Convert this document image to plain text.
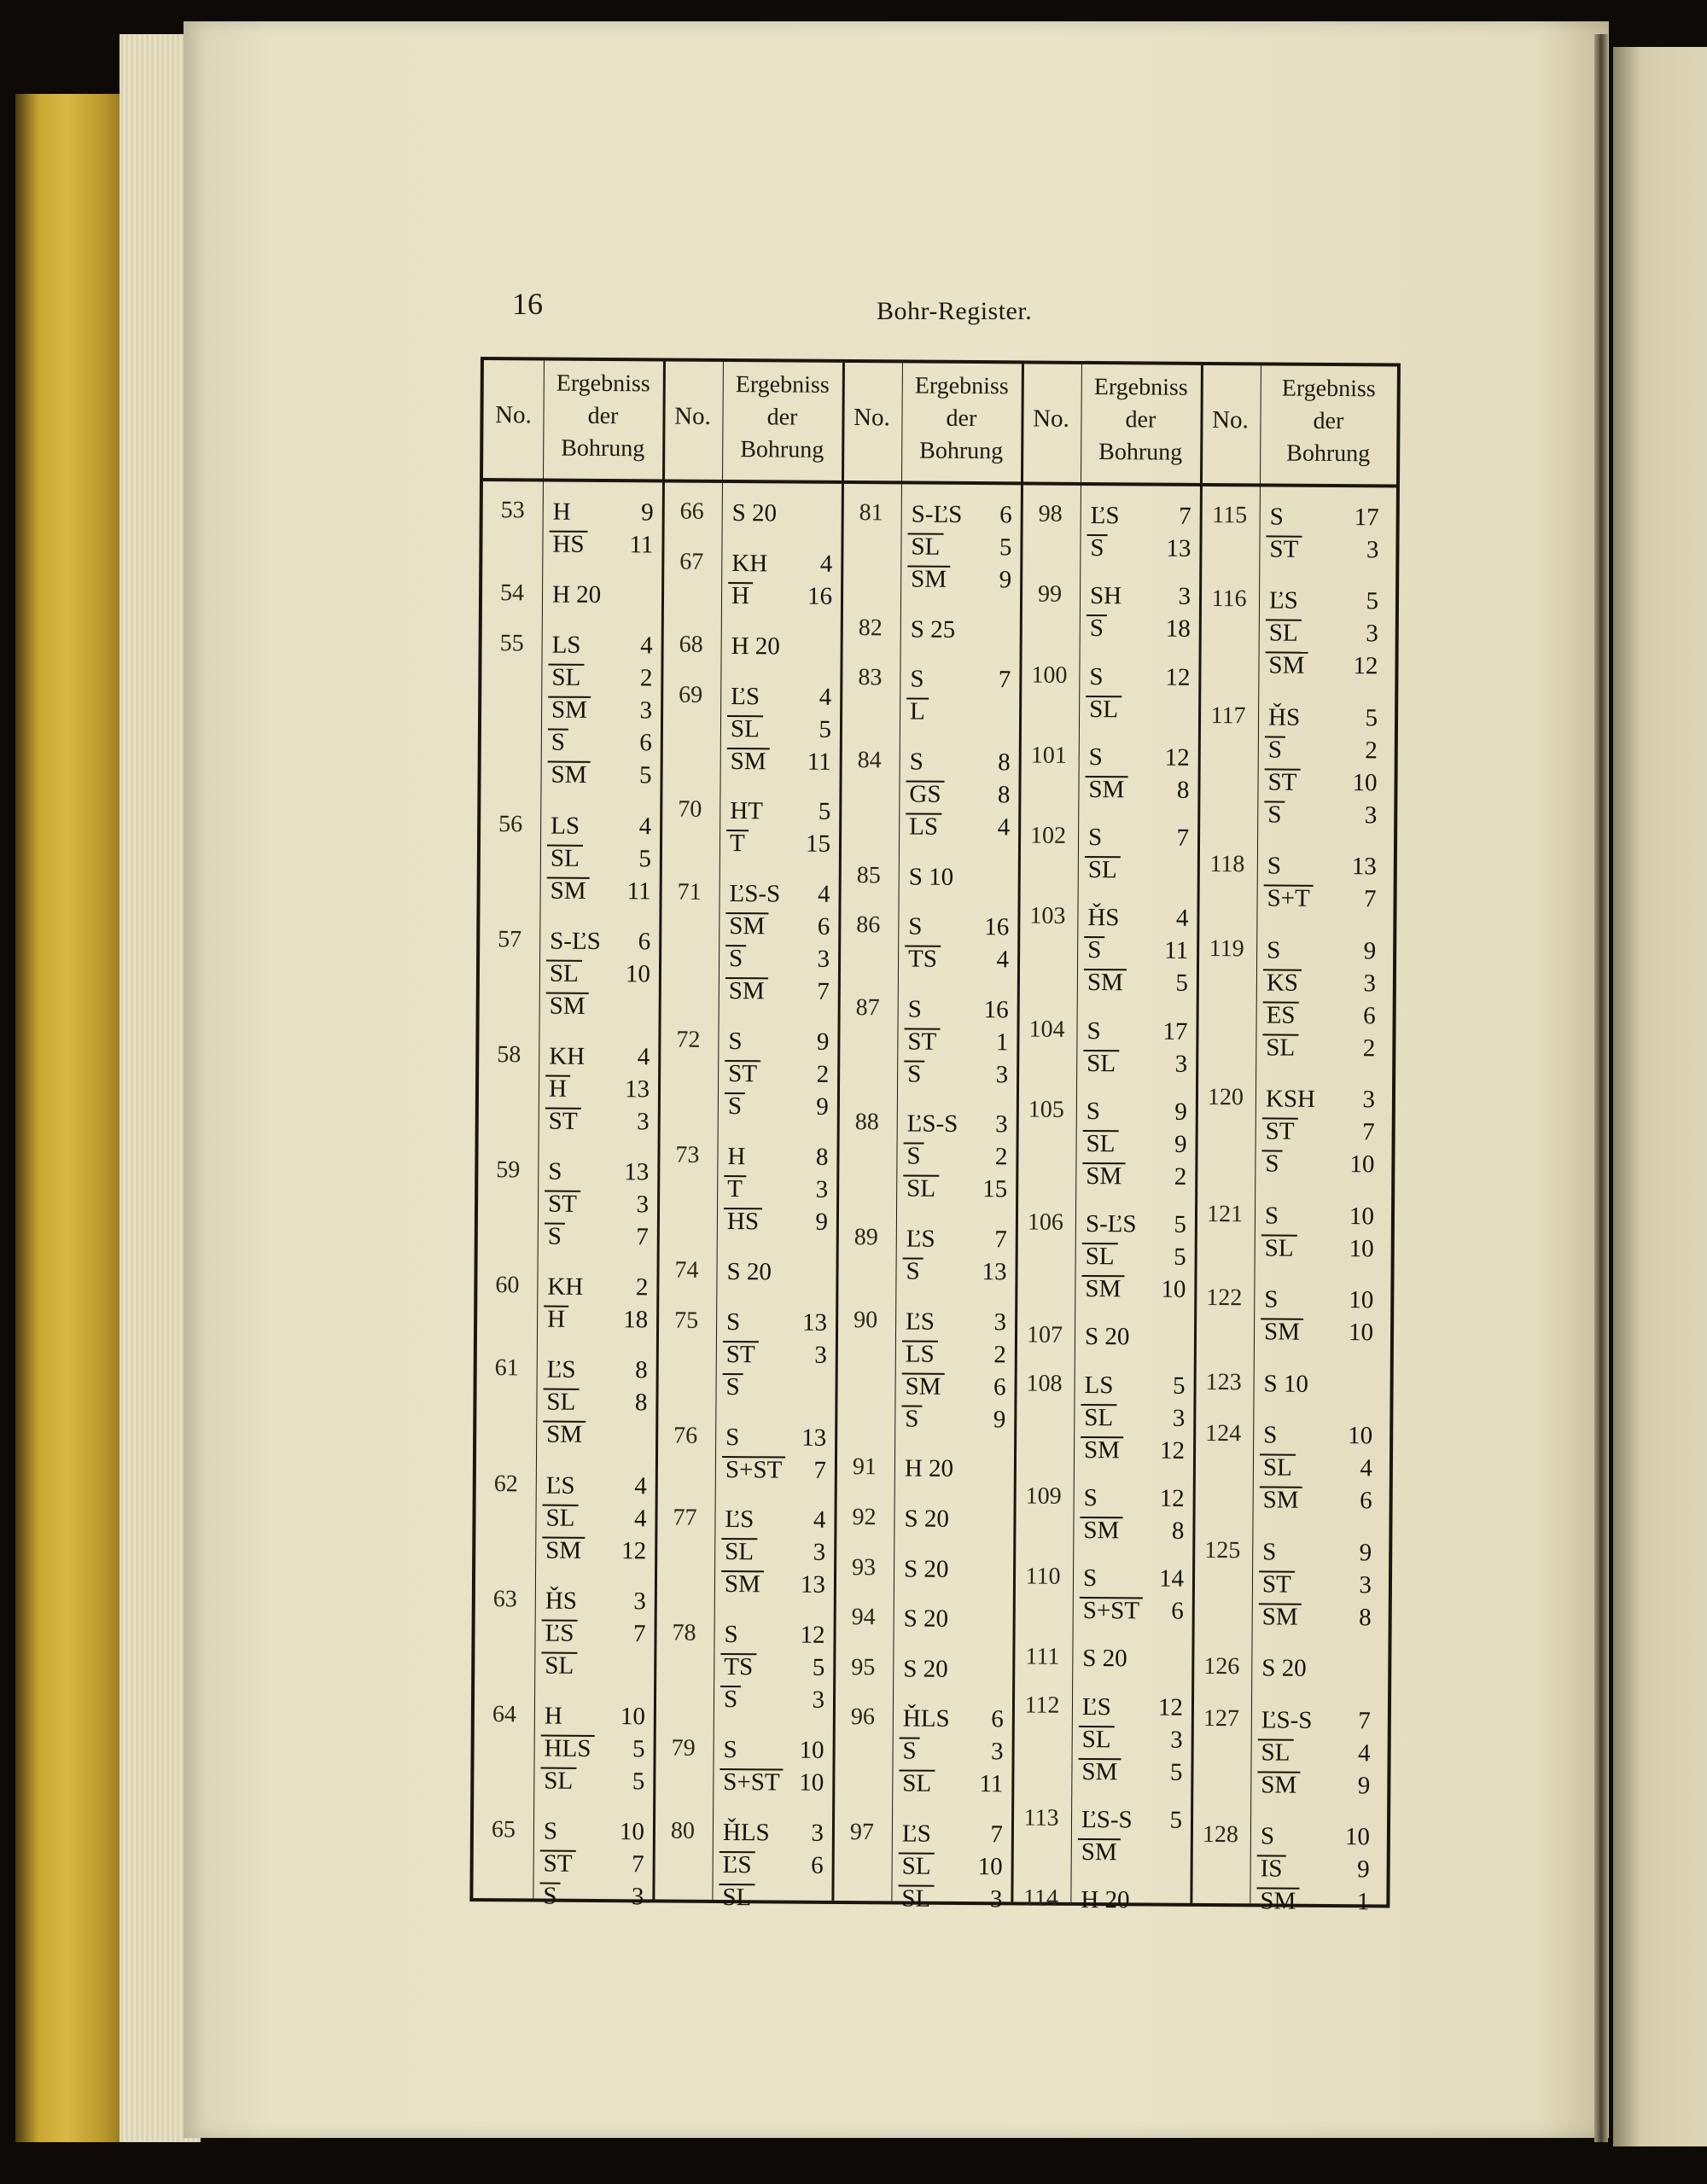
16	Bohr-Register.
No.
Ergebniss
der
Bohrung
No.
Ergebniss
der
Bohrung
No.
Ergebniss
der
Bohrung
No.
Ergebniss
der
Bohrung
No.
Ergebniss
der
Bohrung
53	H	9
HS 11
54	H 20
55	LS 4
SL 2
SM 3
S	6
SM 5
56	LS 4
SL 5
SM 11
57	S-ĽS 6
SL 10
SM
58	KH 4
H 13
ST 3
59	S	13
ST 3
S	7
60	KH 2
H 18
61	ĽS 8
SL 8
SM
62	ĽS 4
SL 4
SM 12
63	ȞS 3
ĽS 7
SL
64	H 10
HLS 5
SL 5
65	S	10
ST 7
S	3
66	S 20
67	KH 4
H 16
68	H 20
69	ĽS 4
SL 5
SM 11
70	HT 5
T 15
71	ĽS-S 4
SM 6
S	3
SM 7
72	S	9
ST 2
S	9
73	H	8
T	3
HS 9
74	S 20
75	S	13
ST 3
S
76	S	13
S+ST 7
77	ĽS 4
SL 3
SM 13
78	S	12
TS 5
S	3
79	S	10
S+ST 10
80	ȞLS 3
ĽS 6
SL
81	S-ĽS 6
SL 5
SM 9
82	S 25
83	S	7
L
84	S	8
GS 8
LS 4
85	S 10
86	S	16
TS 4
87	S	16
ST 1
S	3
88	ĽS-S 3
S	2
SL 15
89	ĽS 7
S	13
90	ĽS 3
LS 2
SM 6
S	9
91	H 20
92	S 20
93	S 20
94	S 20
95	S 20
96	ȞLS 6
S	3
SL 11
97	ĽS 7
SL 10
SL 3
98	ĽS 7
S	13
99	SH 3
S	18
100 S	12
SL
101 S	12
SM 8
102 S	7
SL
103 ȞS 4
S	11
SM 5
104 S	17
SL 3
105 S	9
SL 9
SM 2
106 S-ĽS 5
SL 5
SM 10
107 S 20
108 LS 5
SL 3
SM 12
109 S	12
SM 8
110 S	14
S+ST 6
111 S 20
112 ĽS 12
SL 3
SM 5
113 ĽS-S 5
SM
114 H 20
115 S	17
ST	3
116 ĽS	5
SL	3
SM 12
117 ȞS	5
S	2
ST 10
S	3
118 S	13
S+T 7
119 S	9
KS	3
ES	6
SL	2
120 KSH 3
ST	7
S	10
121 S	10
SL 10
122 S	10
SM 10
123 S 10
124 S	10
SL	4
SM 6
125 S	9
ST	3
SM 8
126 S 20
127 ĽS-S 7
SL	4
SM 9
128 S	10
IS	9
SM 1
